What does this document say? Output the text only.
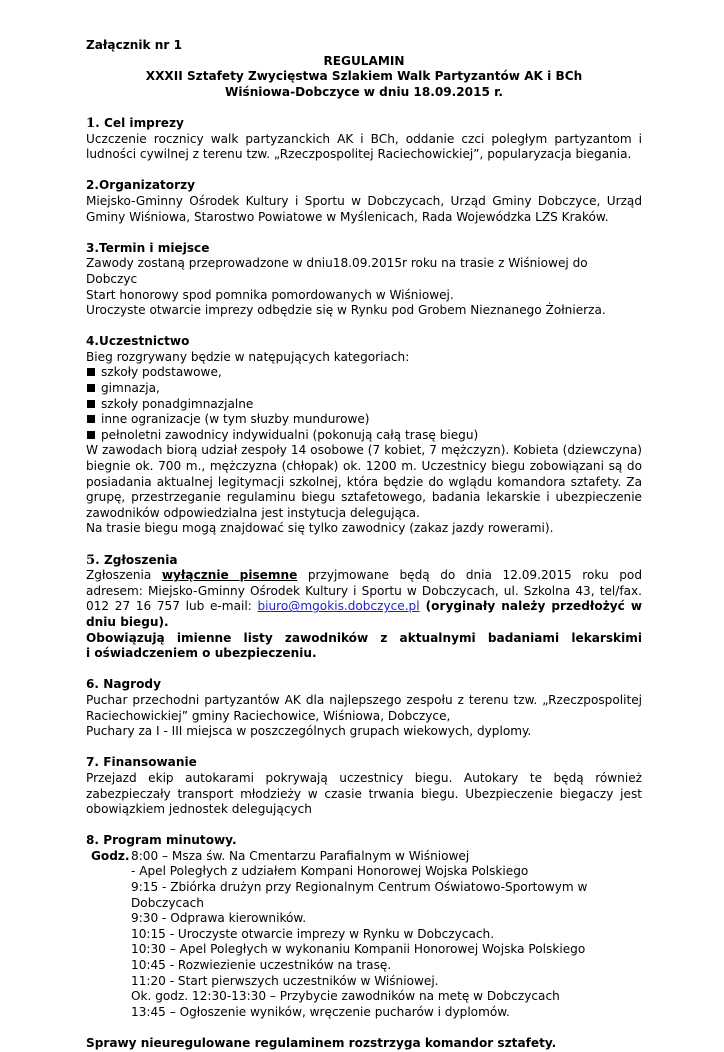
Załącznik nr 1
REGULAMIN
XXXII Sztafety Zwycięstwa Szlakiem Walk Partyzantów AK i BCh
Wiśniowa-Dobczyce w dniu 18.09.2015 r.
1. Cel imprezy
Uczczenie rocznicy walk partyzanckich AK i BCh, oddanie czci poległym partyzantom i ludności cywilnej z terenu tzw. „Rzeczpospolitej Raciechowickiej”, popularyzacja biegania.
2.Organizatorzy
Miejsko-Gminny Ośrodek Kultury i Sportu w Dobczycach, Urząd Gminy Dobczyce, Urząd Gminy Wiśniowa, Starostwo Powiatowe w Myślenicach, Rada Wojewódzka LZS Kraków.
3.Termin i miejsce
Zawody zostaną przeprowadzone w dniu18.09.2015r roku na trasie z Wiśniowej do Dobczyc
Start honorowy spod pomnika pomordowanych w Wiśniowej.
Uroczyste otwarcie imprezy odbędzie się w Rynku pod Grobem Nieznanego Żołnierza.
4.Uczestnictwo
Bieg rozgrywany będzie w natępujących kategoriach:
szkoły podstawowe,
gimnazja,
szkoły ponadgimnazjalne
inne ogranizacje (w tym słuzby mundurowe)
pełnoletni zawodnicy indywidualni (pokonują całą trasę biegu)
W zawodach biorą udział zespoły 14 osobowe (7 kobiet, 7 mężczyzn). Kobieta (dziewczyna) biegnie ok. 700 m., mężczyzna (chłopak) ok. 1200 m. Uczestnicy biegu zobowiązani są do posiadania aktualnej legitymacji szkolnej, która będzie do wglądu komandora sztafety. Za grupę, przestrzeganie regulaminu biegu sztafetowego, badania lekarskie i ubezpieczenie zawodników odpowiedzialna jest instytucja delegująca.
Na trasie biegu mogą znajdować się tylko zawodnicy (zakaz jazdy rowerami).
5. Zgłoszenia
Zgłoszenia wyłącznie pisemne przyjmowane będą do dnia 12.09.2015 roku pod adresem: Miejsko-Gminny Ośrodek Kultury i Sportu w Dobczycach, ul. Szkolna 43, tel/fax. 012 27 16 757 lub e-mail: biuro@mgokis.dobczyce.pl (oryginały należy przedłożyć w dniu biegu).
Obowiązują imienne listy zawodników z aktualnymi badaniami lekarskimi
i oświadczeniem o ubezpieczeniu.
6. Nagrody
Puchar przechodni partyzantów AK dla najlepszego zespołu z terenu tzw. „Rzeczpospolitej Raciechowickiej” gminy Raciechowice, Wiśniowa, Dobczyce,
Puchary za I - III miejsca w poszczególnych grupach wiekowych, dyplomy.
7. Finansowanie
Przejazd ekip autokarami pokrywają uczestnicy biegu. Autokary te będą również zabezpieczały transport młodzieży w czasie trwania biegu. Ubezpieczenie biegaczy jest obowiązkiem jednostek delegujących
8. Program minutowy.
Godz. 8:00 – Msza św. Na Cmentarzu Parafialnym w Wiśniowej
- Apel Poległych z udziałem Kompani Honorowej Wojska Polskiego
9:15 - Zbiórka drużyn przy Regionalnym Centrum Oświatowo-Sportowym w Dobczycach
9:30 - Odprawa kierowników.
10:15 - Uroczyste otwarcie imprezy w Rynku w Dobczycach.
10:30 – Apel Poległych w wykonaniu Kompanii Honorowej Wojska Polskiego
10:45 - Rozwiezienie uczestników na trasę.
11:20 - Start pierwszych uczestników w Wiśniowej.
Ok. godz. 12:30-13:30 – Przybycie zawodników na metę w Dobczycach
13:45 – Ogłoszenie wyników, wręczenie pucharów i dyplomów.
Sprawy nieuregulowane regulaminem rozstrzyga komandor sztafety.
